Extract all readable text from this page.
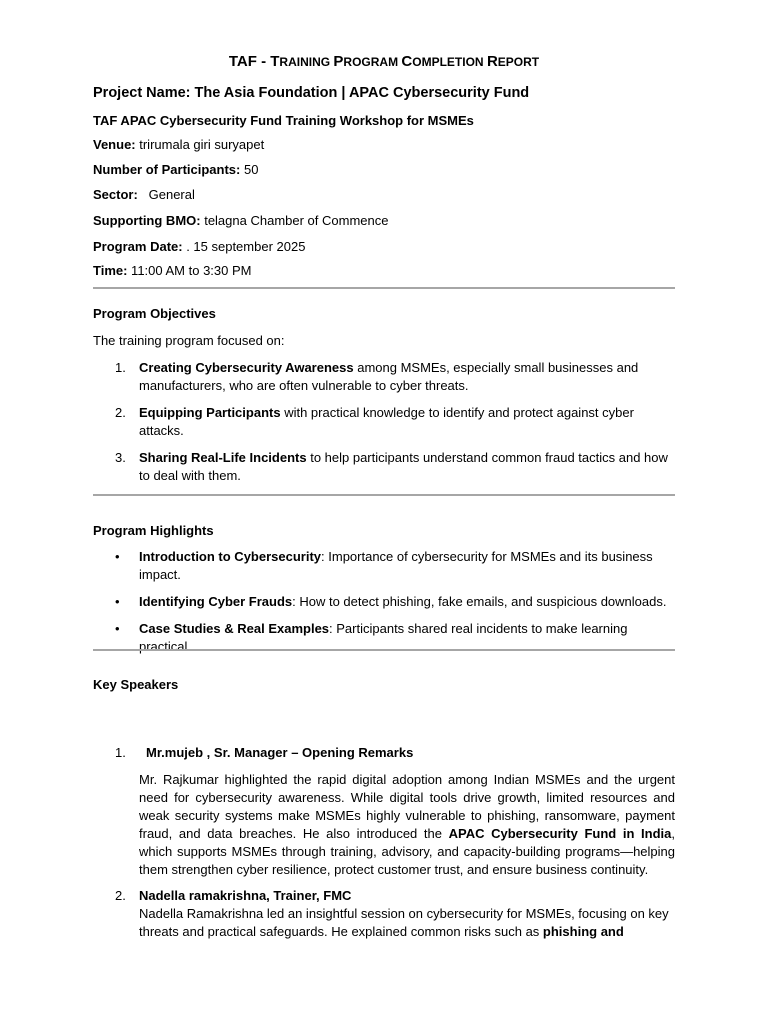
TAF - TRAINING PROGRAM COMPLETION REPORT
Project Name: The Asia Foundation | APAC Cybersecurity Fund
TAF APAC Cybersecurity Fund Training Workshop for MSMEs
Venue: trirumala giri suryapet
Number of Participants: 50
Sector:   General
Supporting BMO: telagna Chamber of Commence
Program Date: . 15 september 2025
Time: 11:00 AM to 3:30 PM
Program Objectives
The training program focused on:
1. Creating Cybersecurity Awareness among MSMEs, especially small businesses and manufacturers, who are often vulnerable to cyber threats.
2. Equipping Participants with practical knowledge to identify and protect against cyber attacks.
3. Sharing Real-Life Incidents to help participants understand common fraud tactics and how to deal with them.
Program Highlights
• Introduction to Cybersecurity: Importance of cybersecurity for MSMEs and its business impact.
• Identifying Cyber Frauds: How to detect phishing, fake emails, and suspicious downloads.
• Case Studies & Real Examples: Participants shared real incidents to make learning practical.
Key Speakers
1. Mr.mujeb , Sr. Manager – Opening Remarks
Mr. Rajkumar highlighted the rapid digital adoption among Indian MSMEs and the urgent need for cybersecurity awareness. While digital tools drive growth, limited resources and weak security systems make MSMEs highly vulnerable to phishing, ransomware, payment fraud, and data breaches. He also introduced the APAC Cybersecurity Fund in India, which supports MSMEs through training, advisory, and capacity-building programs—helping them strengthen cyber resilience, protect customer trust, and ensure business continuity.
2. Nadella ramakrishna, Trainer, FMC
Nadella Ramakrishna led an insightful session on cybersecurity for MSMEs, focusing on key threats and practical safeguards. He explained common risks such as phishing and
